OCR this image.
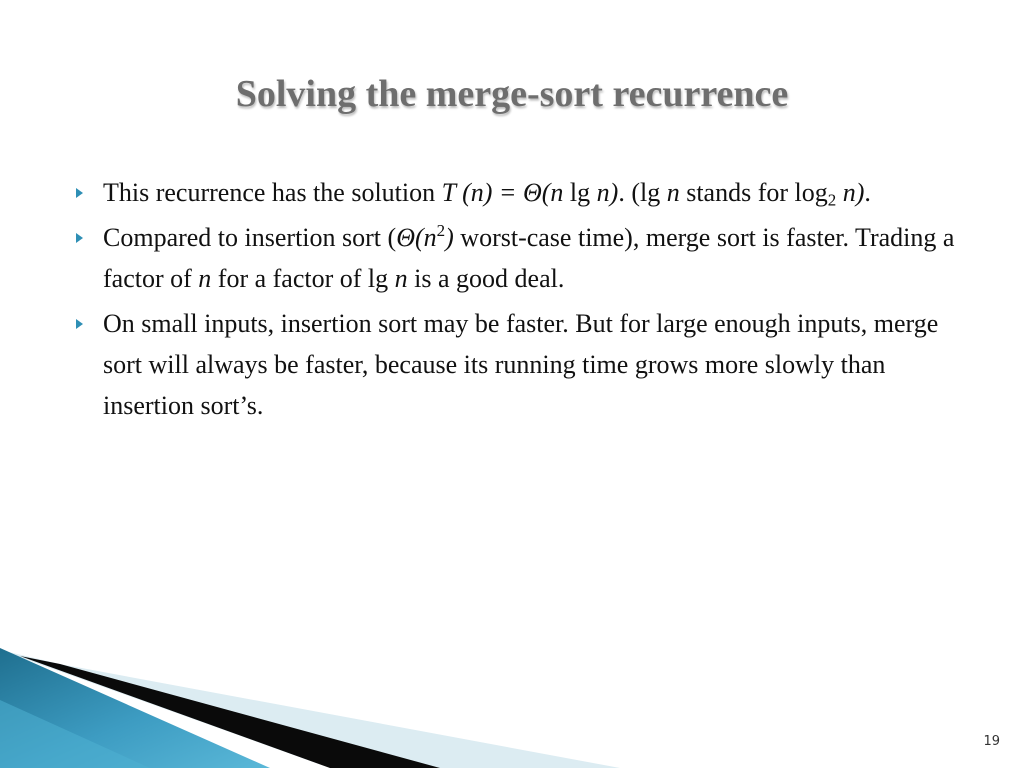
Solving the merge-sort recurrence
This recurrence has the solution T (n) = Θ(n lg n). (lg n stands for $\log_2 n$).
Compared to insertion sort ($\Theta(n^2)$ worst-case time), merge sort is faster. Trading a factor of n for a factor of lg n is a good deal.
On small inputs, insertion sort may be faster. But for large enough inputs, merge sort will always be faster, because its running time grows more slowly than insertion sort’s.
19
